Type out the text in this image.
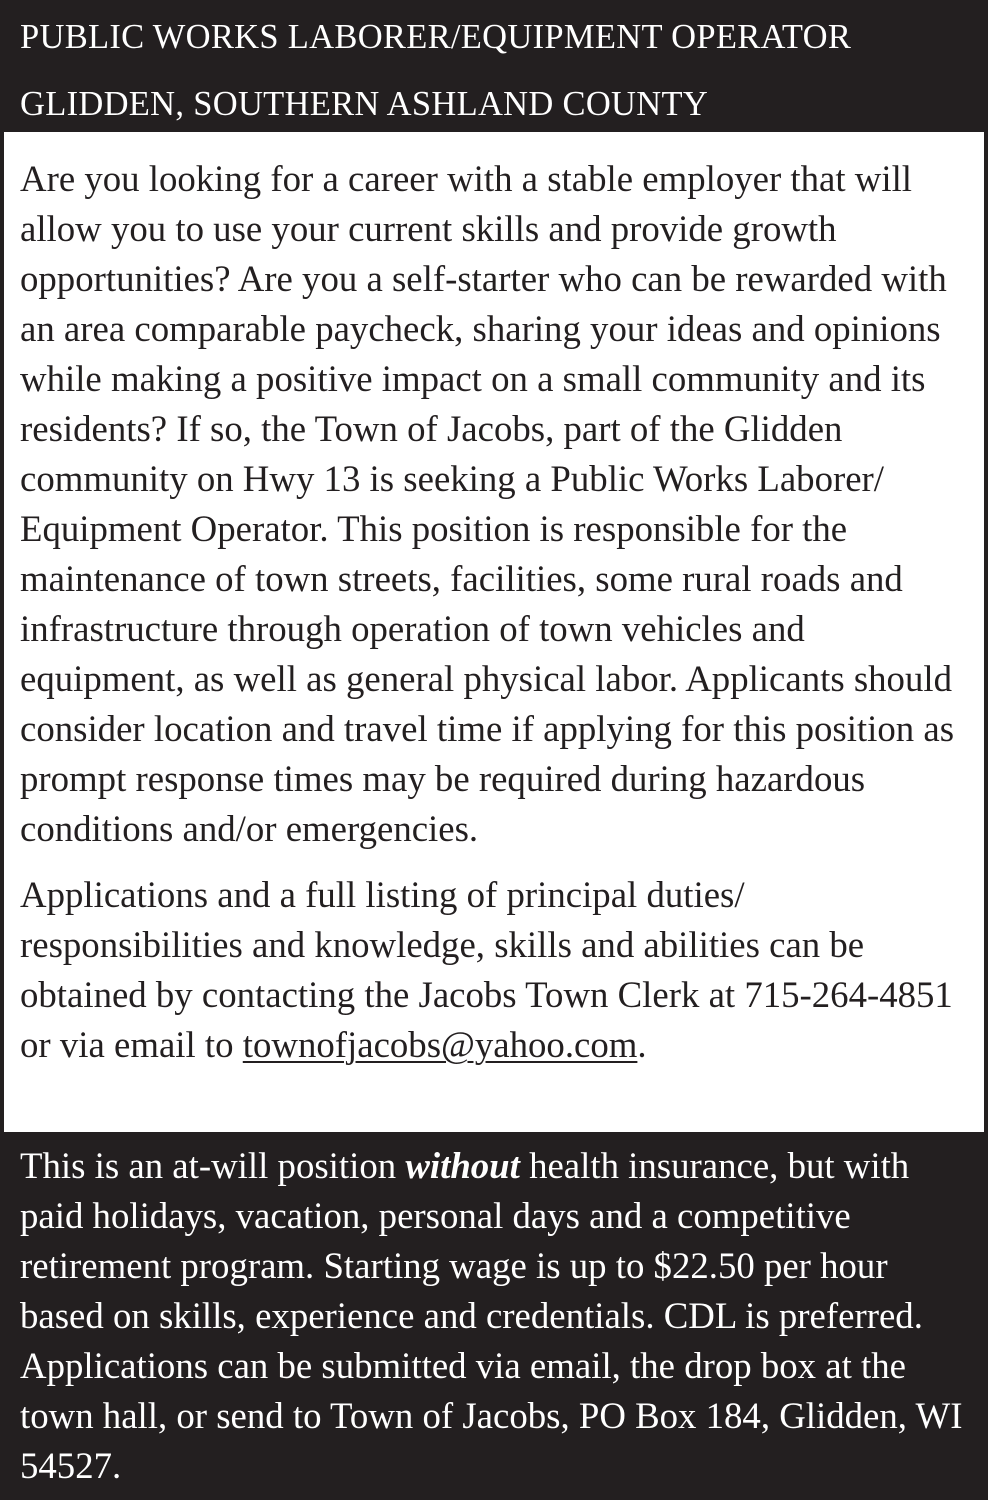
PUBLIC WORKS LABORER/EQUIPMENT OPERATOR
GLIDDEN, SOUTHERN ASHLAND COUNTY

Are you looking for a career with a stable employer that will allow you to use your current skills and provide growth opportunities? Are you a self-starter who can be rewarded with an area comparable paycheck, sharing your ideas and opinions while making a positive impact on a small community and its residents? If so, the Town of Jacobs, part of the Glidden community on Hwy 13 is seeking a Public Works Laborer/ Equipment Operator. This position is responsible for the maintenance of town streets, facilities, some rural roads and infrastructure through operation of town vehicles and equipment, as well as general physical labor. Applicants should consider location and travel time if applying for this position as prompt response times may be required during hazardous conditions and/or emergencies.

Applications and a full listing of principal duties/ responsibilities and knowledge, skills and abilities can be obtained by contacting the Jacobs Town Clerk at 715-264-4851 or via email to townofjacobs@yahoo.com.

This is an at-will position without health insurance, but with paid holidays, vacation, personal days and a competitive retirement program. Starting wage is up to $22.50 per hour based on skills, experience and credentials. CDL is preferred. Applications can be submitted via email, the drop box at the town hall, or send to Town of Jacobs, PO Box 184, Glidden, WI 54527.
